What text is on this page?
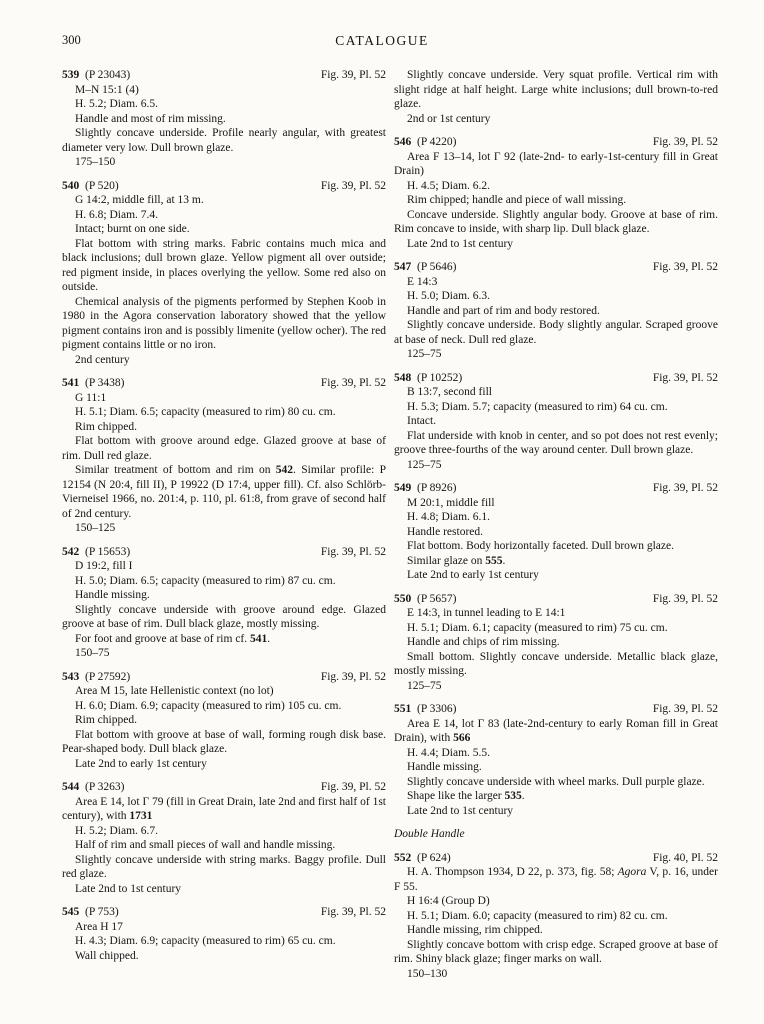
300	CATALOGUE
539 (P 23043)	Fig. 39, Pl. 52

M–N 15:1 (4)

H. 5.2; Diam. 6.5.

Handle and most of rim missing.

Slightly concave underside. Profile nearly angular, with greatest diameter very low. Dull brown glaze.

175–150

540 (P 520)	Fig. 39, Pl. 52

G 14:2, middle fill, at 13 m.

H. 6.8; Diam. 7.4.

Intact; burnt on one side.

Flat bottom with string marks. Fabric contains much mica and black inclusions; dull brown glaze. Yellow pigment all over outside; red pigment inside, in places overlying the yellow. Some red also on outside.

Chemical analysis of the pigments performed by Stephen Koob in 1980 in the Agora conservation laboratory showed that the yellow pigment contains iron and is possibly limenite (yellow ocher). The red pigment contains little or no iron.

2nd century

541 (P 3438)	Fig. 39, Pl. 52

G 11:1

H. 5.1; Diam. 6.5; capacity (measured to rim) 80 cu. cm.

Rim chipped.

Flat bottom with groove around edge. Glazed groove at base of rim. Dull red glaze.

Similar treatment of bottom and rim on 542. Similar profile: P 12154 (N 20:4, fill II), P 19922 (D 17:4, upper fill). Cf. also Schlörb-Vierneisel 1966, no. 201:4, p. 110, pl. 61:8, from grave of second half of 2nd century.

150–125

542 (P 15653)	Fig. 39, Pl. 52

D 19:2, fill I

H. 5.0; Diam. 6.5; capacity (measured to rim) 87 cu. cm.

Handle missing.

Slightly concave underside with groove around edge. Glazed groove at base of rim. Dull black glaze, mostly missing.

For foot and groove at base of rim cf. 541.

150–75

543 (P 27592)	Fig. 39, Pl. 52

Area M 15, late Hellenistic context (no lot)

H. 6.0; Diam. 6.9; capacity (measured to rim) 105 cu. cm.

Rim chipped.

Flat bottom with groove at base of wall, forming rough disk base. Pear-shaped body. Dull black glaze.

Late 2nd to early 1st century

544 (P 3263)	Fig. 39, Pl. 52

Area E 14, lot Γ 79 (fill in Great Drain, late 2nd and first half of 1st century), with 1731

H. 5.2; Diam. 6.7.

Half of rim and small pieces of wall and handle missing.

Slightly concave underside with string marks. Baggy profile. Dull red glaze.

Late 2nd to 1st century

545 (P 753)	Fig. 39, Pl. 52

Area H 17

H. 4.3; Diam. 6.9; capacity (measured to rim) 65 cu. cm.

Wall chipped.

Slightly concave underside. Very squat profile. Vertical rim with slight ridge at half height. Large white inclusions; dull brown-to-red glaze.

2nd or 1st century

546 (P 4220)	Fig. 39, Pl. 52

Area F 13–14, lot Γ 92 (late-2nd- to early-1st-century fill in Great Drain)

H. 4.5; Diam. 6.2.

Rim chipped; handle and piece of wall missing.

Concave underside. Slightly angular body. Groove at base of rim. Rim concave to inside, with sharp lip. Dull black glaze.

Late 2nd to 1st century

547 (P 5646)	Fig. 39, Pl. 52

E 14:3

H. 5.0; Diam. 6.3.

Handle and part of rim and body restored.

Slightly concave underside. Body slightly angular. Scraped groove at base of neck. Dull red glaze.

125–75

548 (P 10252)	Fig. 39, Pl. 52

B 13:7, second fill

H. 5.3; Diam. 5.7; capacity (measured to rim) 64 cu. cm.

Intact.

Flat underside with knob in center, and so pot does not rest evenly; groove three-fourths of the way around center. Dull brown glaze.

125–75

549 (P 8926)	Fig. 39, Pl. 52

M 20:1, middle fill

H. 4.8; Diam. 6.1.

Handle restored.

Flat bottom. Body horizontally faceted. Dull brown glaze.

Similar glaze on 555.

Late 2nd to early 1st century

550 (P 5657)	Fig. 39, Pl. 52

E 14:3, in tunnel leading to E 14:1

H. 5.1; Diam. 6.1; capacity (measured to rim) 75 cu. cm.

Handle and chips of rim missing.

Small bottom. Slightly concave underside. Metallic black glaze, mostly missing.

125–75

551 (P 3306)	Fig. 39, Pl. 52

Area E 14, lot Γ 83 (late-2nd-century to early Roman fill in Great Drain), with 566

H. 4.4; Diam. 5.5.

Handle missing.

Slightly concave underside with wheel marks. Dull purple glaze.

Shape like the larger 535.

Late 2nd to 1st century

Double Handle
552 (P 624)	Fig. 40, Pl. 52

H. A. Thompson 1934, D 22, p. 373, fig. 58; Agora V, p. 16, under F 55.

H 16:4 (Group D)

H. 5.1; Diam. 6.0; capacity (measured to rim) 82 cu. cm.

Handle missing, rim chipped.

Slightly concave bottom with crisp edge. Scraped groove at base of rim. Shiny black glaze; finger marks on wall.

150–130
